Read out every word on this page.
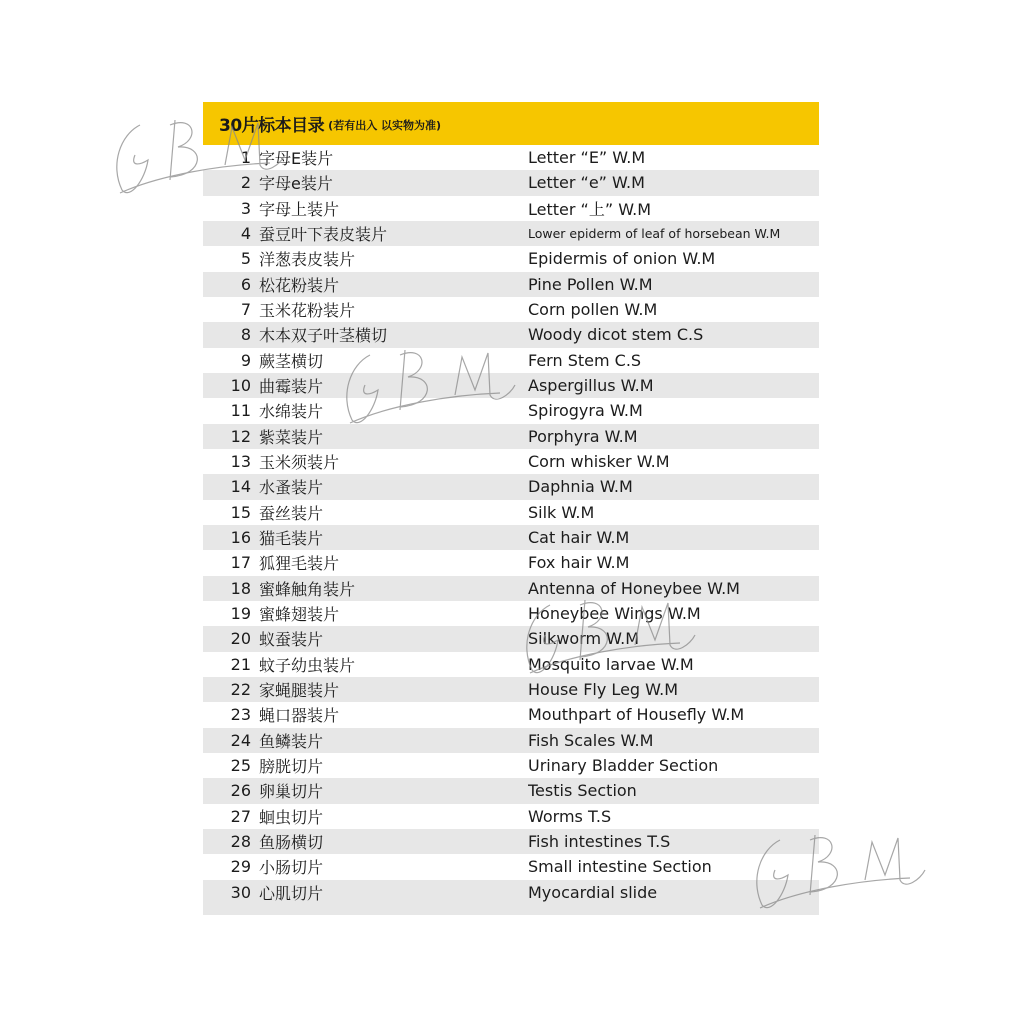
30片标本目录 (若有出入 以实物为准)
1 字母E装片	Letter “E” W.M
2 字母e装片	Letter “e” W.M
3 字母上装片	Letter “上” W.M
4 蚕豆叶下表皮装片	Lower epiderm of leaf of horsebean W.M
5 洋葱表皮装片	Epidermis of onion W.M
6 松花粉装片	Pine Pollen W.M
7 玉米花粉装片	Corn pollen W.M
8 木本双子叶茎横切	Woody dicot stem C.S
9 蕨茎横切	Fern Stem C.S
10 曲霉装片	Aspergillus W.M
11 水绵装片	Spirogyra W.M
12 紫菜装片	Porphyra W.M
13 玉米须装片	Corn whisker W.M
14 水蚤装片	Daphnia W.M
15 蚕丝装片	Silk W.M
16 猫毛装片	Cat hair W.M
17 狐狸毛装片	Fox hair W.M
18 蜜蜂触角装片	Antenna of Honeybee W.M
19 蜜蜂翅装片	Honeybee Wings W.M
20 蚁蚕装片	Silkworm W.M
21 蚊子幼虫装片	Mosquito larvae W.M
22 家蝇腿装片	House Fly Leg W.M
23 蝇口器装片	Mouthpart of Housefly W.M
24 鱼鳞装片	Fish Scales W.M
25 膀胱切片	Urinary Bladder Section
26 卵巢切片	Testis Section
27 蛔虫切片	Worms T.S
28 鱼肠横切	Fish intestines T.S
29 小肠切片	Small intestine Section
30 心肌切片	Myocardial slide
